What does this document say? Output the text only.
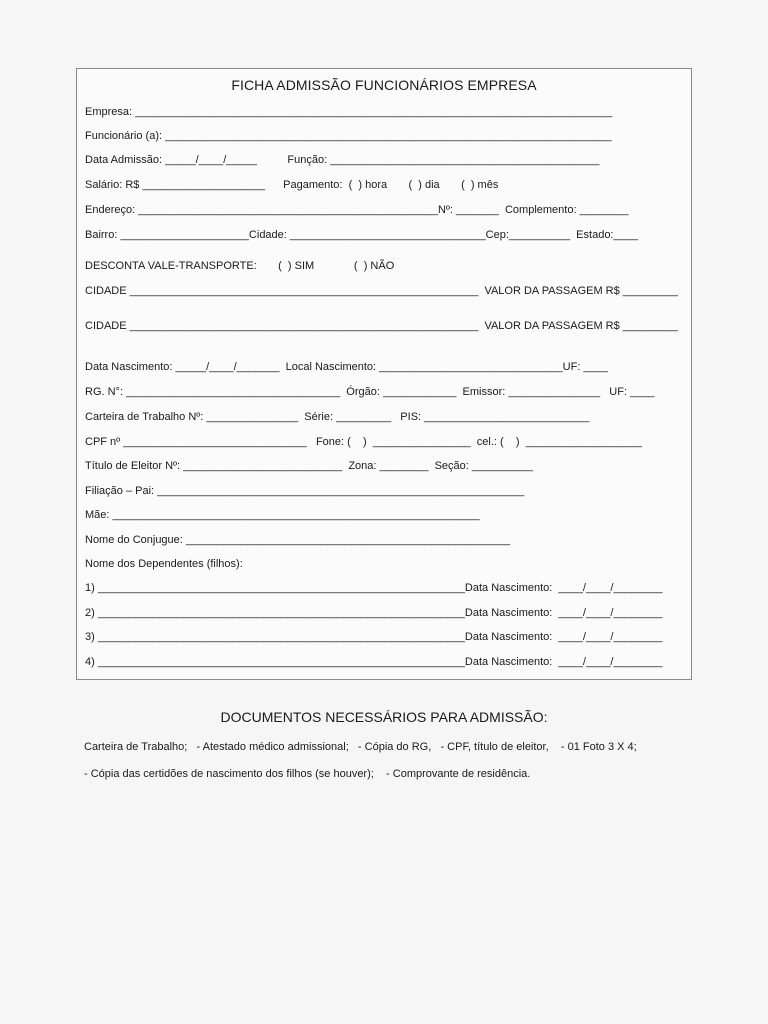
FICHA ADMISSÃO FUNCIONÁRIOS EMPRESA
Empresa: ______________________________________________________________________________
Funcionário (a): _________________________________________________________________________
Data Admissão: _____/____/_____          Função: ____________________________________________
Salário: R$ ____________________      Pagamento:  (  ) hora       (  ) dia       (  ) mês
Endereço: _________________________________________________Nº: _______  Complemento: ________
Bairro: _____________________Cidade: ________________________________Cep:__________  Estado:____
DESCONTA VALE-TRANSPORTE:       (  ) SIM             (  ) NÃO
CIDADE _________________________________________________________  VALOR DA PASSAGEM R$ _________
CIDADE _________________________________________________________  VALOR DA PASSAGEM R$ _________
Data Nascimento: _____/____/_______  Local Nascimento: ______________________________UF: ____
RG. N°: ___________________________________  Órgão: ____________  Emissor: _______________   UF: ____
Carteira de Trabalho Nº: _______________  Série: _________   PIS: ___________________________
CPF nº ______________________________   Fone: (    )  ________________  cel.: (    )  ___________________
Título de Eleitor Nº: __________________________  Zona: ________  Seção: __________
Filiação – Pai: ____________________________________________________________
Mãe: ____________________________________________________________
Nome do Conjugue: _____________________________________________________
Nome dos Dependentes (filhos):
1) ____________________________________________________________Data Nascimento:  ____/____/________
2) ____________________________________________________________Data Nascimento:  ____/____/________
3) ____________________________________________________________Data Nascimento:  ____/____/________
4) ____________________________________________________________Data Nascimento:  ____/____/________
DOCUMENTOS NECESSÁRIOS PARA ADMISSÃO:
Carteira de Trabalho;   - Atestado médico admissional;   - Cópia do RG,   - CPF, título de eleitor,    - 01 Foto 3 X 4;
- Cópia das certidões de nascimento dos filhos (se houver);    - Comprovante de residência.
